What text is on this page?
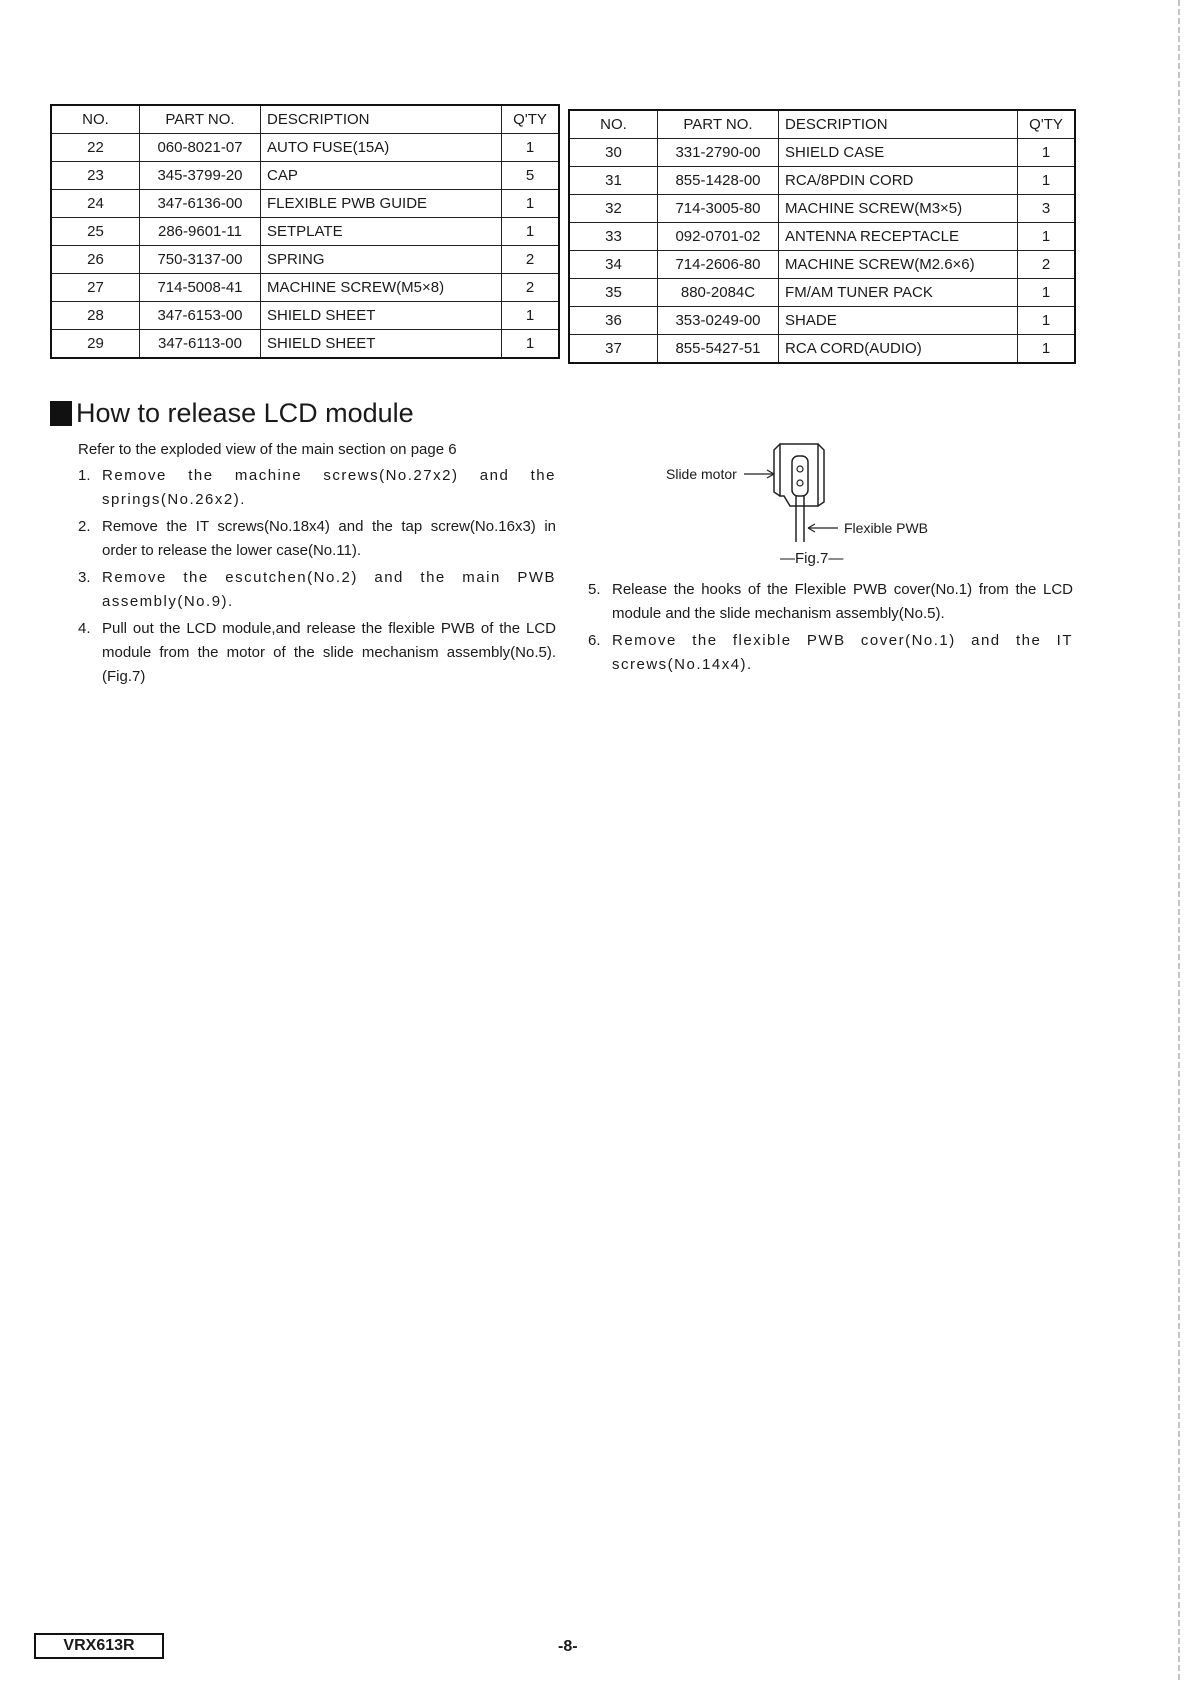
NO.	PART NO.	DESCRIPTION	Q'TY
22	060-8021-07	AUTO FUSE(15A)	1
23	345-3799-20	CAP	5
24	347-6136-00	FLEXIBLE PWB GUIDE	1
25	286-9601-11	SETPLATE	1
26	750-3137-00	SPRING	2
27	714-5008-41	MACHINE SCREW(M5×8)	2
28	347-6153-00	SHIELD SHEET	1
29	347-6113-00	SHIELD SHEET	1
NO.	PART NO.	DESCRIPTION	Q'TY
30	331-2790-00	SHIELD CASE	1
31	855-1428-00	RCA/8PDIN CORD	1
32	714-3005-80	MACHINE SCREW(M3×5)	3
33	092-0701-02	ANTENNA RECEPTACLE	1
34	714-2606-80	MACHINE SCREW(M2.6×6)	2
35	880-2084C	FM/AM TUNER PACK	1
36	353-0249-00	SHADE	1
37	855-5427-51	RCA CORD(AUDIO)	1
How to release LCD module

Refer to the exploded view of the main section on page 6

1. Remove the machine screws(No.27x2) and the springs(No.26x2).
2. Remove the IT screws(No.18x4) and the tap screw(No.16x3) in order to release the lower case(No.11).
3. Remove the escutchen(No.2) and the main PWB assembly(No.9).
4. Pull out the LCD module,and release the flexible PWB of the LCD module from the motor of the slide mechanism assembly(No.5).(Fig.7)
Slide motor
Flexible PWB
—Fig.7—
5. Release the hooks of the Flexible PWB cover(No.1) from the LCD module and the slide mechanism assembly(No.5).
6. Remove the flexible PWB cover(No.1) and the IT screws(No.14x4).
VRX613R	-8-
